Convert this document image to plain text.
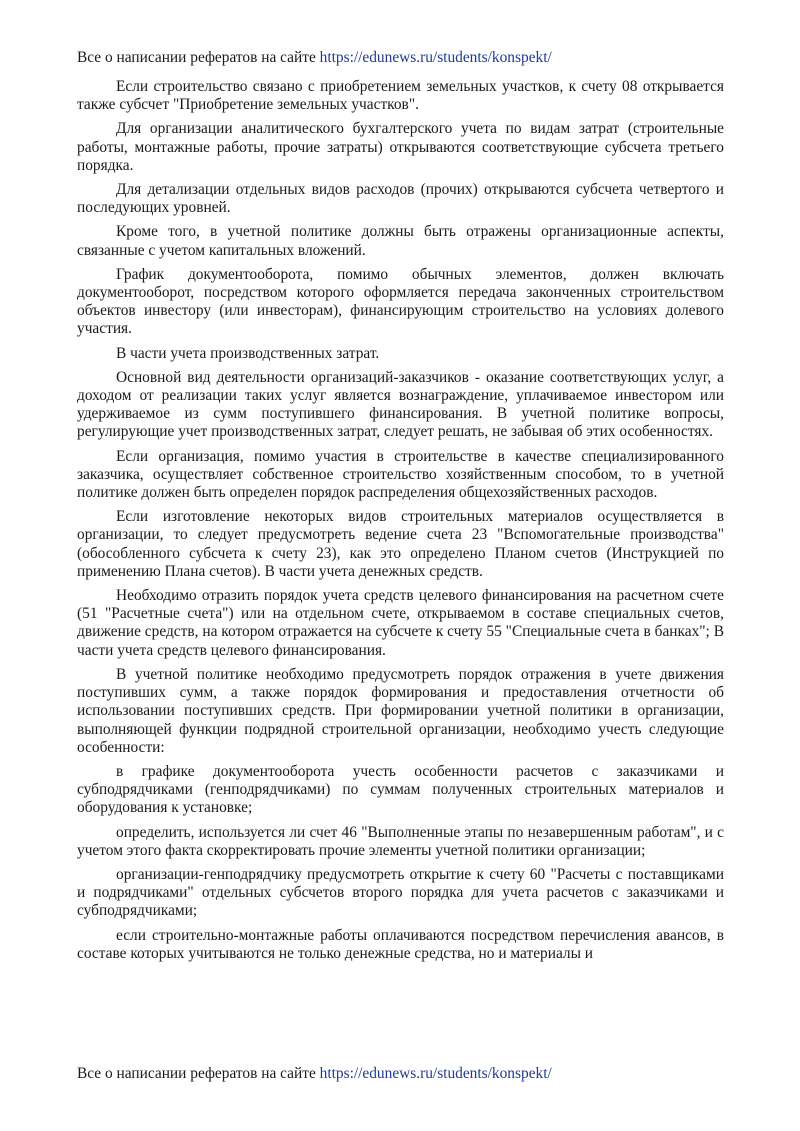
Все о написании рефератов на сайте https://edunews.ru/students/konspekt/

Если строительство связано с приобретением земельных участков, к счету 08 открывается также субсчет "Приобретение земельных участков".

Для организации аналитического бухгалтерского учета по видам затрат (строительные работы, монтажные работы, прочие затраты) открываются соответствующие субсчета третьего порядка.

Для детализации отдельных видов расходов (прочих) открываются субсчета четвертого и последующих уровней.

Кроме того, в учетной политике должны быть отражены организационные аспекты, связанные с учетом капитальных вложений.

График документооборота, помимо обычных элементов, должен включать документооборот, посредством которого оформляется передача законченных строительством объектов инвестору (или инвесторам), финансирующим строительство на условиях долевого участия.

В части учета производственных затрат.

Основной вид деятельности организаций-заказчиков - оказание соответствующих услуг, а доходом от реализации таких услуг является вознаграждение, уплачиваемое инвестором или удерживаемое из сумм поступившего финансирования. В учетной политике вопросы, регулирующие учет производственных затрат, следует решать, не забывая об этих особенностях.

Если организация, помимо участия в строительстве в качестве специализированного заказчика, осуществляет собственное строительство хозяйственным способом, то в учетной политике должен быть определен порядок распределения общехозяйственных расходов.

Если изготовление некоторых видов строительных материалов осуществляется в организации, то следует предусмотреть ведение счета 23 "Вспомогательные производства" (обособленного субсчета к счету 23), как это определено Планом счетов (Инструкцией по применению Плана счетов). В части учета денежных средств.

Необходимо отразить порядок учета средств целевого финансирования на расчетном счете (51 "Расчетные счета") или на отдельном счете, открываемом в составе специальных счетов, движение средств, на котором отражается на субсчете к счету 55 "Специальные счета в банках"; В части учета средств целевого финансирования.

В учетной политике необходимо предусмотреть порядок отражения в учете движения поступивших сумм, а также порядок формирования и предоставления отчетности об использовании поступивших средств. При формировании учетной политики в организации, выполняющей функции подрядной строительной организации, необходимо учесть следующие особенности:

в графике документооборота учесть особенности расчетов с заказчиками и субподрядчиками (генподрядчиками) по суммам полученных строительных материалов и оборудования к установке;

определить, используется ли счет 46 "Выполненные этапы по незавершенным работам", и с учетом этого факта скорректировать прочие элементы учетной политики организации;

организации-генподрядчику предусмотреть открытие к счету 60 "Расчеты с поставщиками и подрядчиками" отдельных субсчетов второго порядка для учета расчетов с заказчиками и субподрядчиками;

если строительно-монтажные работы оплачиваются посредством перечисления авансов, в составе которых учитываются не только денежные средства, но и материалы и

Все о написании рефератов на сайте https://edunews.ru/students/konspekt/
